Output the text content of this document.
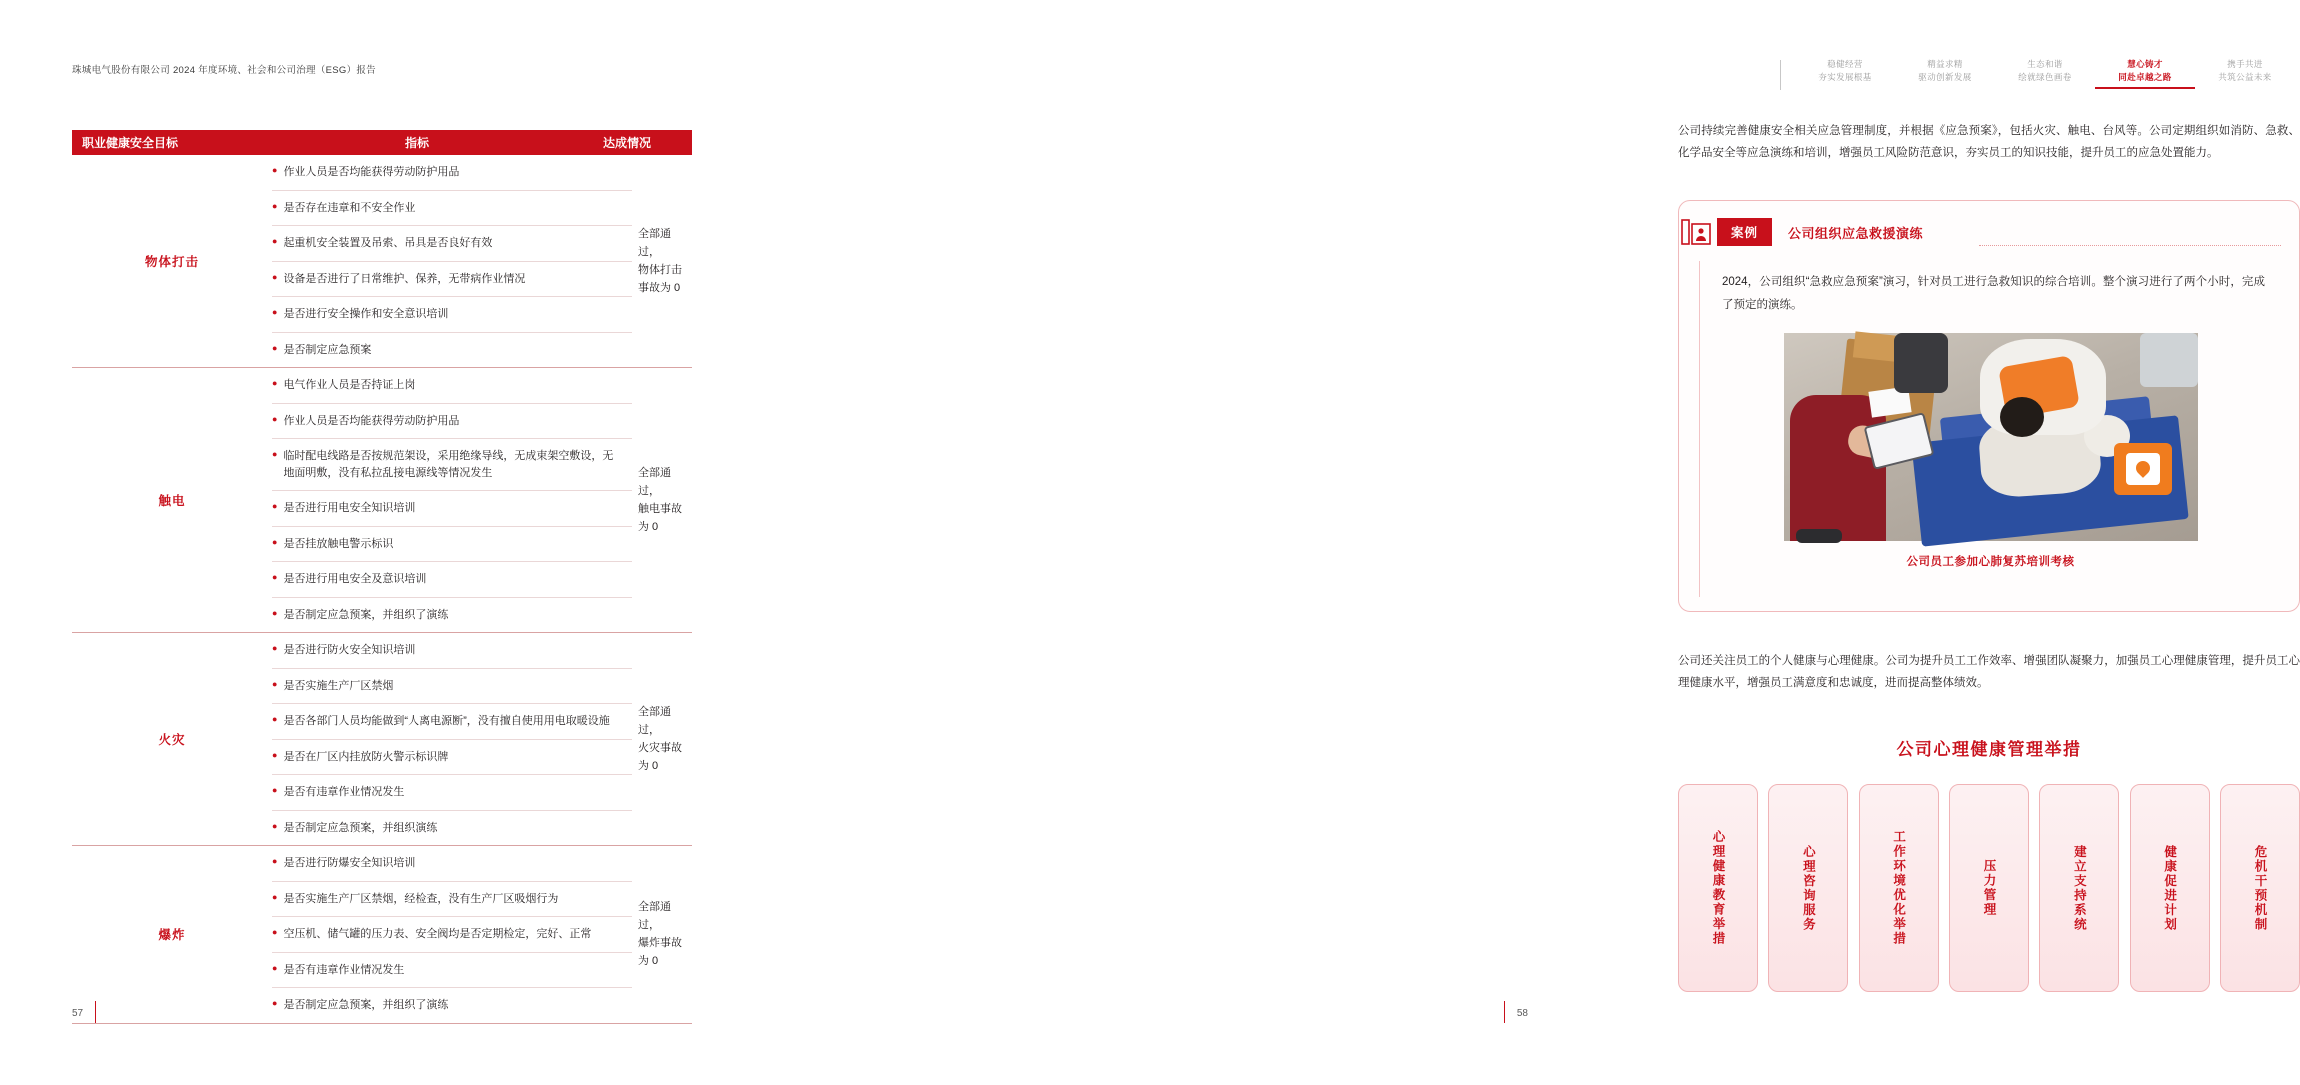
珠城电气股份有限公司 2024 年度环境、社会和公司治理（ESG）报告
职业健康安全目标	指标	达成情况
物体打击
● 作业人员是否均能获得劳动防护用品
● 是否存在违章和不安全作业
● 起重机安全装置及吊索、吊具是否良好有效
● 设备是否进行了日常维护、保养，无带病作业情况
● 是否进行安全操作和安全意识培训
● 是否制定应急预案
全部通过，
物体打击事故为 0
触电
● 电气作业人员是否持证上岗
● 作业人员是否均能获得劳动防护用品
● 临时配电线路是否按规范架设，采用绝缘导线，无成束架空敷设，无地面明敷，没有私拉乱接电源线等情况发生
● 是否进行用电安全知识培训
● 是否挂放触电警示标识
● 是否进行用电安全及意识培训
● 是否制定应急预案，并组织了演练
全部通过，
触电事故为 0
火灾
● 是否进行防火安全知识培训
● 是否实施生产厂区禁烟
● 是否各部门人员均能做到“人离电源断”，没有擅自使用用电取暖设施
● 是否在厂区内挂放防火警示标识牌
● 是否有违章作业情况发生
● 是否制定应急预案，并组织演练
全部通过，
火灾事故为 0
爆炸
● 是否进行防爆安全知识培训
● 是否实施生产厂区禁烟，经检查，没有生产厂区吸烟行为
● 空压机、储气罐的压力表、安全阀均是否定期检定，完好、正常
● 是否有违章作业情况发生
● 是否制定应急预案，并组织了演练
全部通过，
爆炸事故为 0
57
稳健经营
夯实发展根基
精益求精
驱动创新发展
生态和谐
绘就绿色画卷
慧心铸才
同赴卓越之路
携手共进
共筑公益未来
公司持续完善健康安全相关应急管理制度，并根据《应急预案》，包括火灾、触电、台风等。公司定期组织如消防、急救、化学品安全等应急演练和培训，增强员工风险防范意识，夯实员工的知识技能，提升员工的应急处置能力。
案例	公司组织应急救援演练
2024，公司组织“急救应急预案”演习，针对员工进行急救知识的综合培训。整个演习进行了两个小时，完成了预定的演练。
公司员工参加心肺复苏培训考核
公司还关注员工的个人健康与心理健康。公司为提升员工工作效率、增强团队凝聚力，加强员工心理健康管理，提升员工心理健康水平，增强员工满意度和忠诚度，进而提高整体绩效。
公司心理健康管理举措
心理健康教育举措	心理咨询服务	工作环境优化举措	压力管理	建立支持系统	健康促进计划	危机干预机制
58
